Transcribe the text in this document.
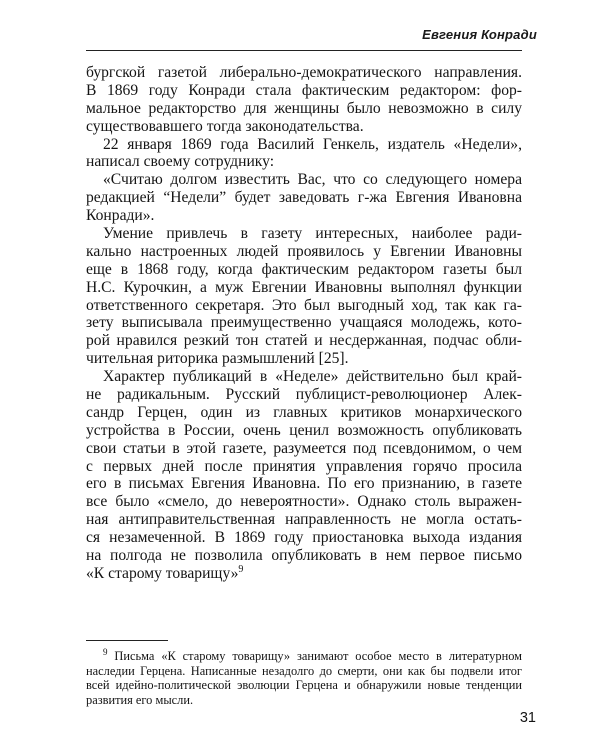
Евгения Конради
бургской газетой либерально-демократического направления.
В 1869 году Конради стала фактическим редактором: фор-
мальное редакторство для женщины было невозможно в силу
существовавшего тогда законодательства.
22 января 1869 года Василий Генкель, издатель «Недели»,
написал своему сотруднику:
«Считаю долгом известить Вас, что со следующего номера
редакцией “Недели” будет заведовать г-жа Евгения Ивановна
Конради».
Умение привлечь в газету интересных, наиболее ради-
кально настроенных людей проявилось у Евгении Ивановны
еще в 1868 году, когда фактическим редактором газеты был
Н.С. Курочкин, а муж Евгении Ивановны выполнял функции
ответственного секретаря. Это был выгодный ход, так как га-
зету выписывала преимущественно учащаяся молодежь, кото-
рой нравился резкий тон статей и несдержанная, подчас обли-
чительная риторика размышлений [25].
Характер публикаций в «Неделе» действительно был край-
не радикальным. Русский публицист-революционер Алек-
сандр Герцен, один из главных критиков монархического
устройства в России, очень ценил возможность опубликовать
свои статьи в этой газете, разумеется под псевдонимом, о чем
с первых дней после принятия управления горячо просила
его в письмах Евгения Ивановна. По его признанию, в газете
все было «смело, до невероятности». Однако столь выражен-
ная антиправительственная направленность не могла остать-
ся незамеченной. В 1869 году приостановка выхода издания
на полгода не позволила опубликовать в нем первое письмо
«К старому товарищу»$^9$
$^9$ Письма «К старому товарищу» занимают особое место в литературном
наследии Герцена. Написанные незадолго до смерти, они как бы подвели итог
всей идейно-политической эволюции Герцена и обнаружили новые тенденции
развития его мысли.
31
